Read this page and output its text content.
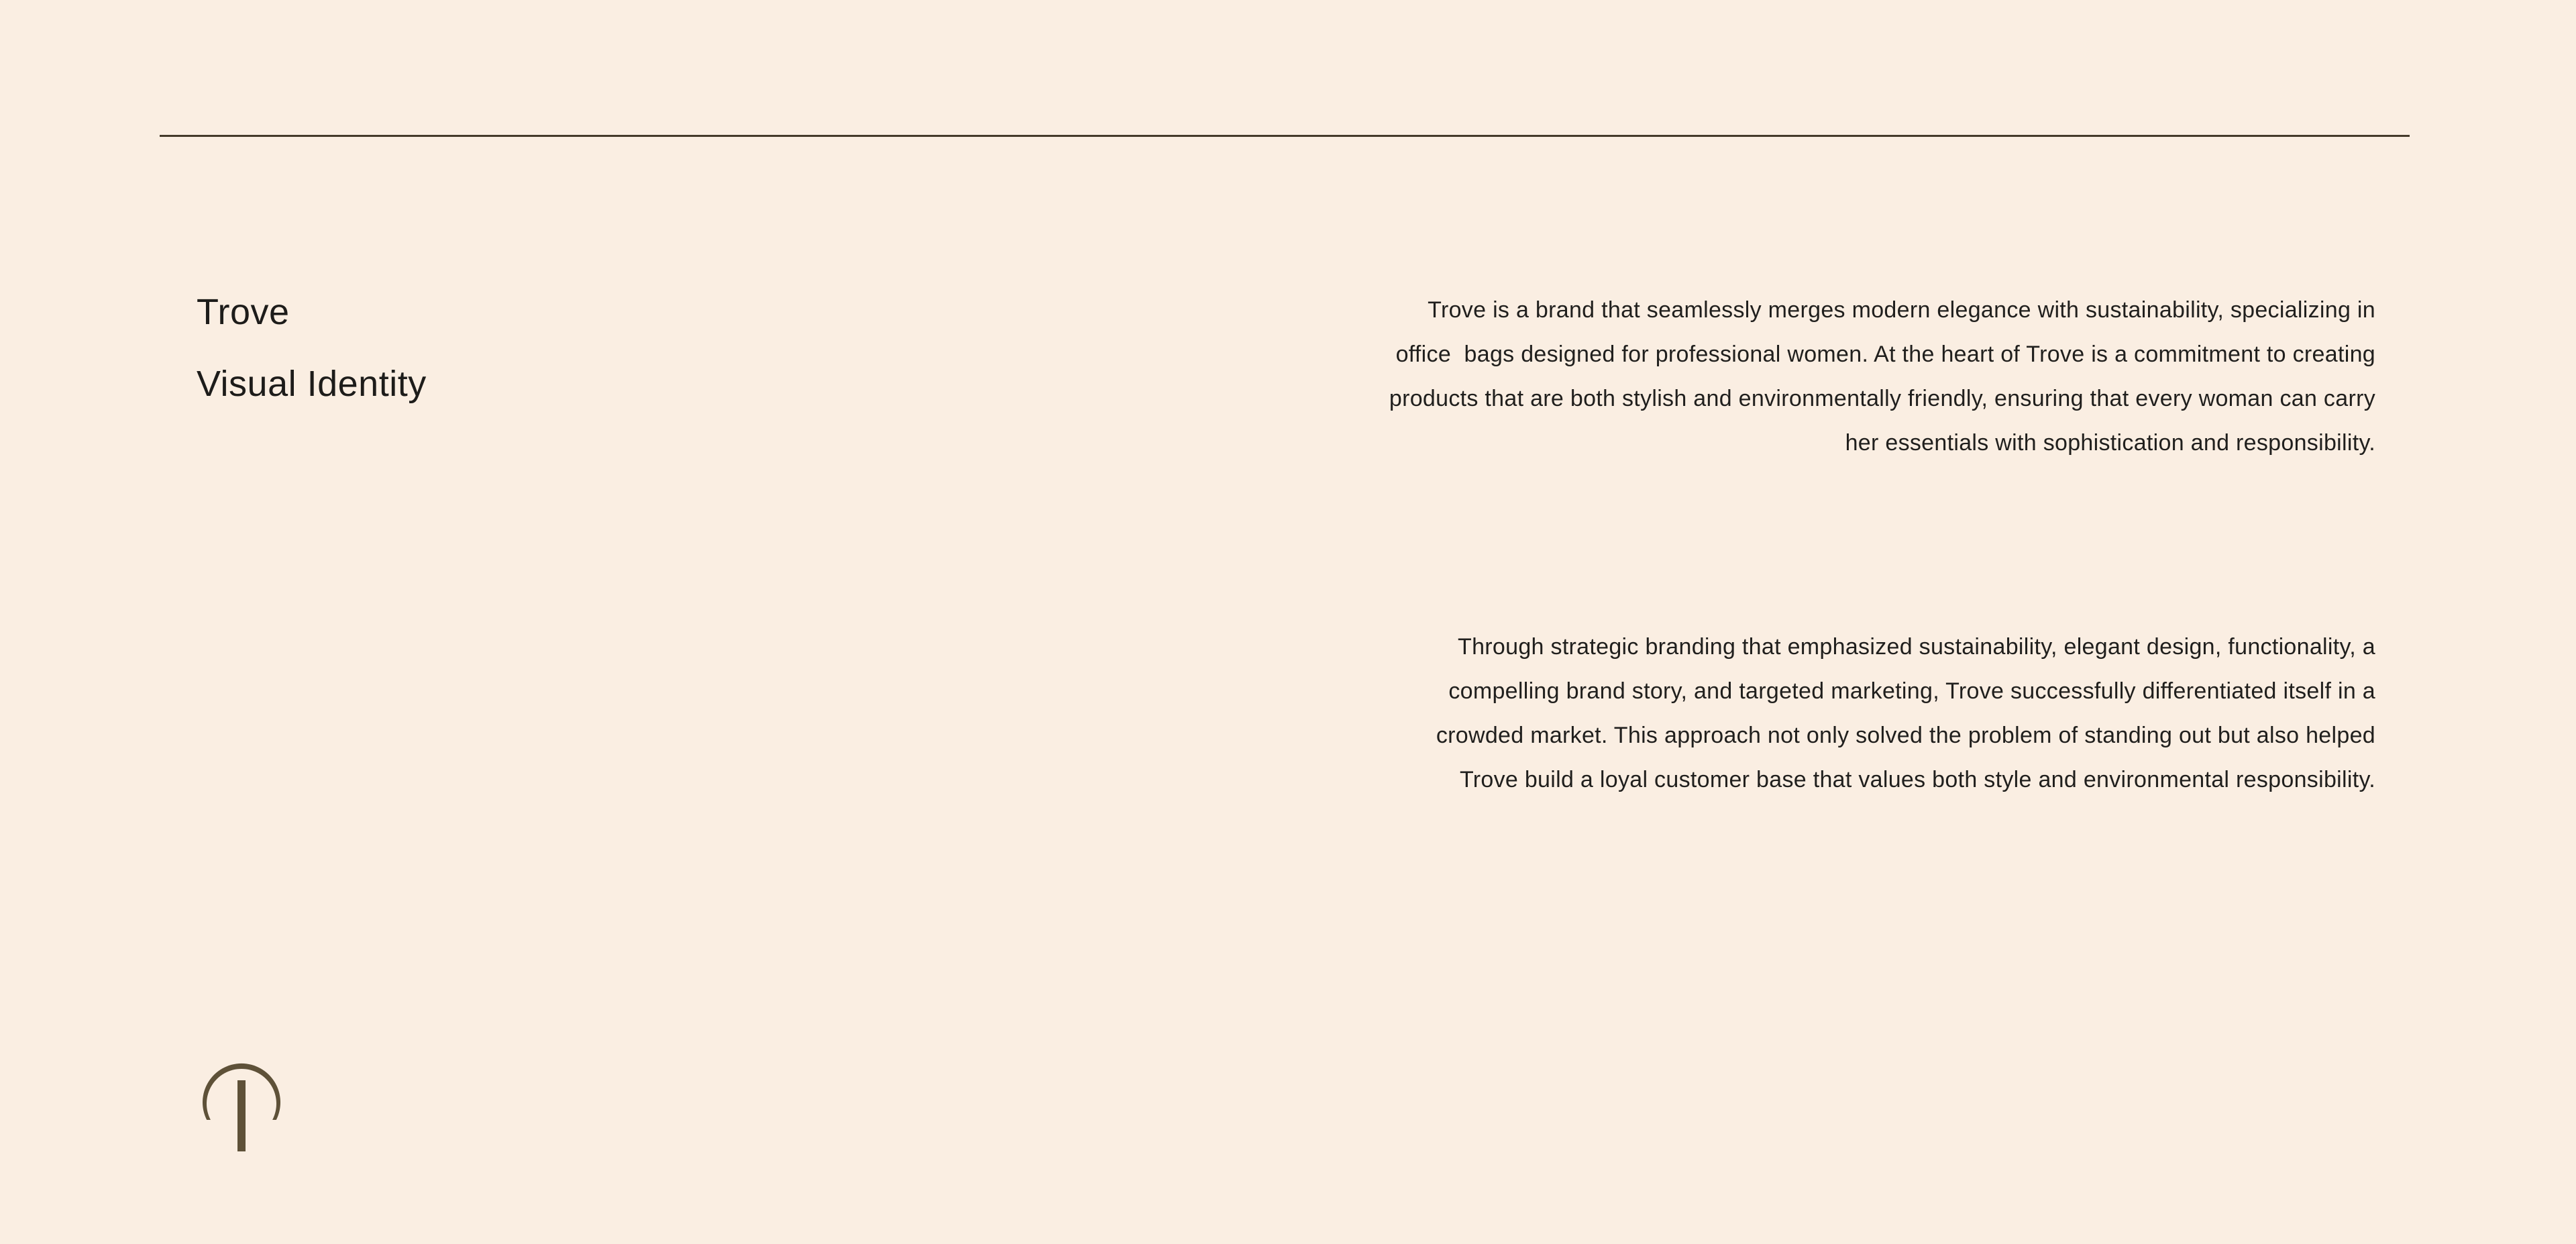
Trove
Visual Identity
Trove is a brand that seamlessly merges modern elegance with sustainability, specializing in
office  bags designed for professional women. At the heart of Trove is a commitment to creating
products that are both stylish and environmentally friendly, ensuring that every woman can carry
her essentials with sophistication and responsibility.
Through strategic branding that emphasized sustainability, elegant design, functionality, a
compelling brand story, and targeted marketing, Trove successfully differentiated itself in a
crowded market. This approach not only solved the problem of standing out but also helped
Trove build a loyal customer base that values both style and environmental responsibility.
